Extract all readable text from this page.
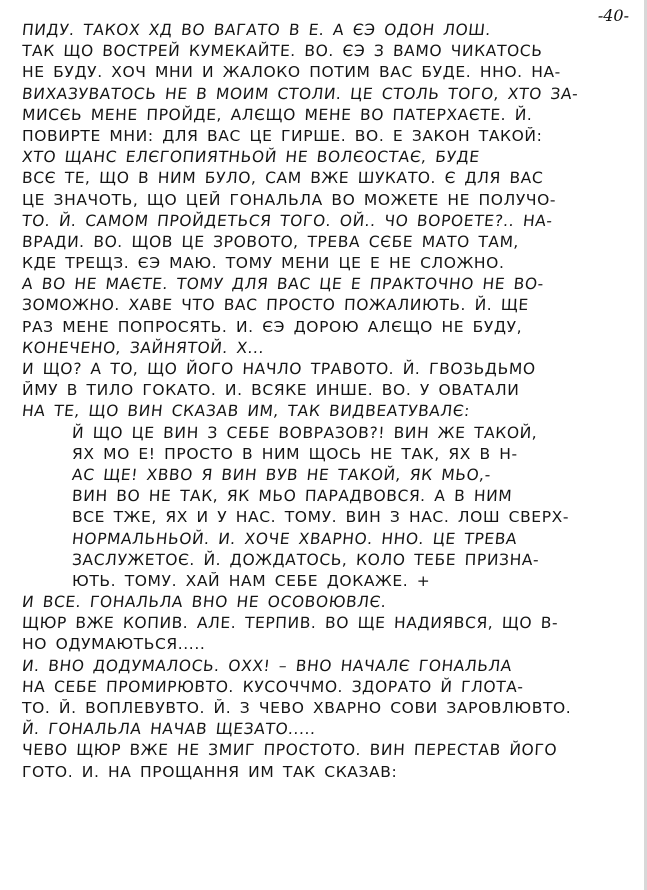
-40-
ПИДУ. ТАКОХ ХД ВО ВАГАТО В Е. А ЄЭ ОДОН ЛОШ.
ТАК ЩО ВОСТРЕЙ КУМЕКАЙТЕ. ВО. ЄЭ З ВАМО ЧИКАТОСЬ
НЕ БУДУ. ХОЧ МНИ И ЖАЛОКО ПОТИМ ВАС БУДЕ. ННО. НА-
ВИХАЗУВАТОСЬ НЕ В МОИМ СТОЛИ. ЦЕ СТОЛЬ ТОГО, ХТО ЗА-
МИСЄЬ МЕНЕ ПРОЙДЕ, АЛЄЩО МЕНЕ ВО ПАТЕРХАЄТЕ. Й.
ПОВИРТЕ МНИ: ДЛЯ ВАС ЦЕ ГИРШЕ. ВО. Е ЗАКОН ТАКОЙ:
ХТО ЩАНС ЕЛЄГОПИЯТНЬОЙ НЕ ВОЛЄОСТАЄ, БУДЕ
ВСЄ ТЕ, ЩО В НИМ БУЛО, САМ ВЖЕ ШУКАТО. Є ДЛЯ ВАС
ЦЕ ЗНАЧОТЬ, ЩО ЦЕЙ ГОНАЛЬЛА ВО МОЖЕТЕ НЕ ПОЛУЧО-
ТО. Й. САМОМ ПРОЙДЕТЬСЯ ТОГО. ОЙ.. ЧО ВОРОЕТЕ?.. НА-
ВРАДИ. ВО. ЩОВ ЦЕ ЗРОВОТО, ТРЕВА СЄБЕ МАТО ТАМ,
КДЕ ТРЕЩЗ. ЄЭ МАЮ. ТОМУ МЕНИ ЦЕ Е НЕ СЛОЖНО.
А ВО НЕ МАЄТЕ. ТОМУ ДЛЯ ВАС ЦЕ Е ПРАКТОЧНО НЕ ВО-
ЗОМОЖНО. ХАВЕ ЧТО ВАС ПРОСТО ПОЖАЛИЮТЬ. Й. ЩЕ
РАЗ МЕНЕ ПОПРОСЯТЬ. И. ЄЭ ДОРОЮ АЛЄЩО НЕ БУДУ,
КОНЕЧЕНО, ЗАЙНЯТОЙ. Х...
И ЩО? А ТО, ЩО ЙОГО НАЧЛО ТРАВОТО. Й. ГВОЗЬДЬМО
ЙМУ В ТИЛО ГОКАТО. И. ВСЯКЕ ИНШЕ. ВО. У ОВАТАЛИ
НА ТЕ, ЩО ВИН СКАЗАВ ИМ, ТАК ВИДВЕАТУВАЛЄ:
Й ЩО ЦЕ ВИН З СЕБЕ ВОВРАЗОВ?! ВИН ЖЕ ТАКОЙ,
ЯХ МО Е! ПРОСТО В НИМ ЩОСЬ НЕ ТАК, ЯХ В Н-
АС ЩЕ! ХВВО Я ВИН ВУВ НЕ ТАКОЙ, ЯК МЬО,-
ВИН ВО НЕ ТАК, ЯК МЬО ПАРАДВОВСЯ. А В НИМ
ВСЕ ТЖЕ, ЯХ И У НАС. ТОМУ. ВИН З НАС. ЛОШ СВЕРХ-
НОРМАЛЬНЬОЙ. И. ХОЧЕ ХВАРНО. ННО. ЦЕ ТРЕВА
ЗАСЛУЖЕТОЄ. Й. ДОЖДАТОСЬ, КОЛО ТЕБЕ ПРИЗНА-
ЮТЬ. ТОМУ. ХАЙ НАМ СЕБЕ ДОКАЖЕ. +
И ВСЕ. ГОНАЛЬЛА ВНО НЕ ОСОВОЮВЛЄ.
ЩЮР ВЖЕ КОПИВ. АЛЕ. ТЕРПИВ. ВО ЩЕ НАДИЯВСЯ, ЩО В-
НО ОДУМАЮТЬСЯ.....
И. ВНО ДОДУМАЛОСЬ. ОХХ! – ВНО НАЧАЛЄ ГОНАЛЬЛА
НА СЕБЕ ПРОМИРЮВТО. КУСОЧЧМО. ЗДОРАТО Й ГЛОТА-
ТО. Й. ВОПЛЕВУВТО. Й. З ЧЕВО ХВАРНО СОВИ ЗАРОВЛЮВТО.
Й. ГОНАЛЬЛА НАЧАВ ЩЕЗАТО.....
ЧЕВО ЩЮР ВЖЕ НЕ ЗМИГ ПРОСТОТО. ВИН ПЕРЕСТАВ ЙОГО
ГОТО. И. НА ПРОЩАННЯ ИМ ТАК СКАЗАВ:
